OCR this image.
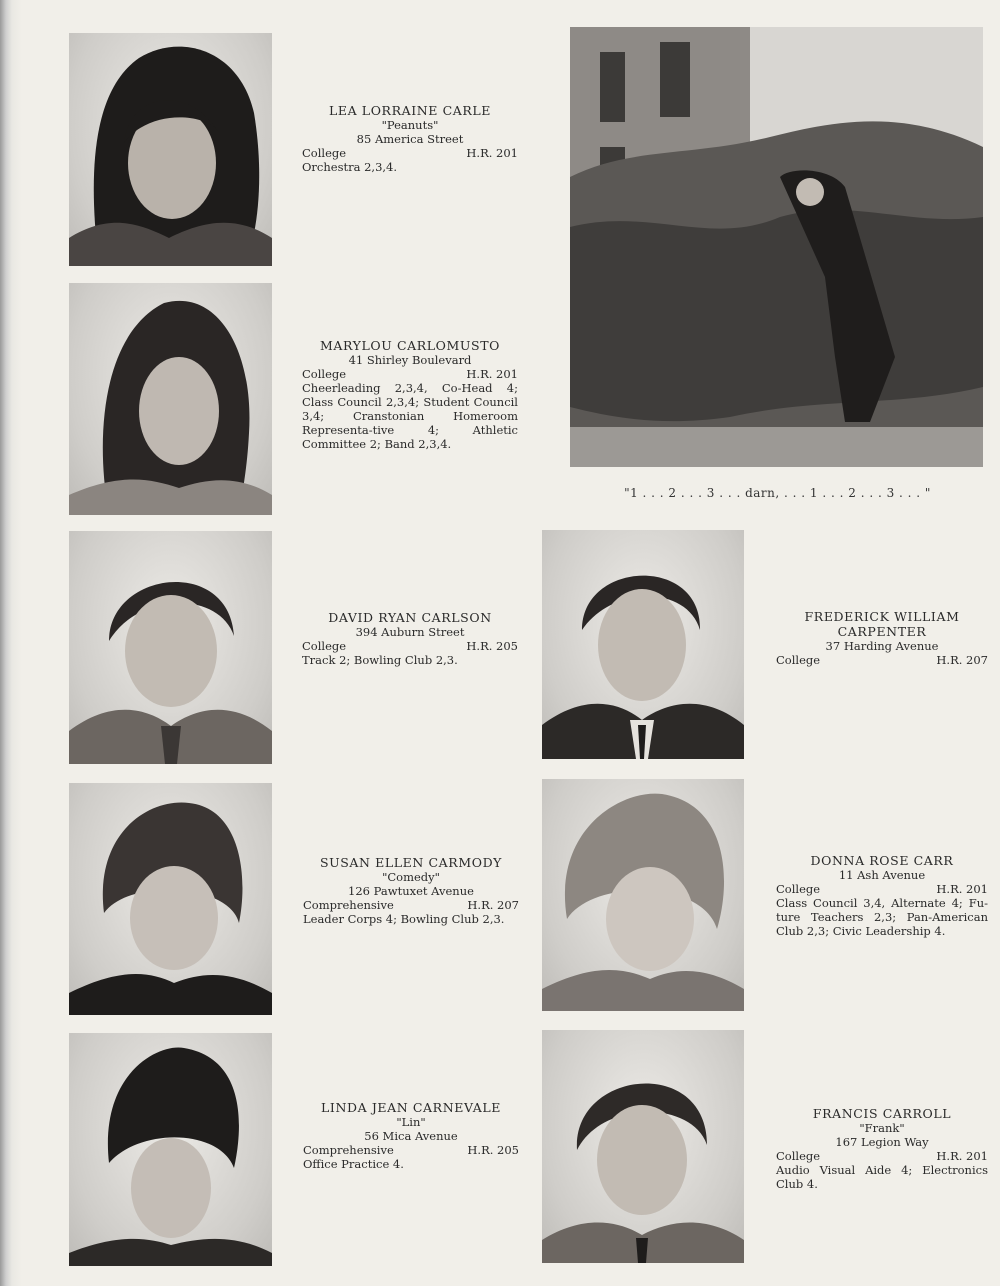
LEA LORRAINE CARLE
"Peanuts"
85 America Street
College	H.R. 201
Orchestra 2,3,4.
MARYLOU CARLOMUSTO
41 Shirley Boulevard
College	H.R. 201
Cheerleading 2,3,4, Co-Head 4; Class Council 2,3,4; Student Council 3,4; Cranstonian Homeroom Representa-tive 4; Athletic Committee 2; Band 2,3,4.
DAVID RYAN CARLSON
394 Auburn Street
College	H.R. 205
Track 2; Bowling Club 2,3.
FREDERICK WILLIAM
CARPENTER
37 Harding Avenue
College	H.R. 207
SUSAN ELLEN CARMODY
"Comedy"
126 Pawtuxet Avenue
Comprehensive	H.R. 207
Leader Corps 4; Bowling Club 2,3.
DONNA ROSE CARR
11 Ash Avenue
College	H.R. 201
Class Council 3,4, Alternate 4; Fu-ture Teachers 2,3; Pan-American Club 2,3; Civic Leadership 4.
LINDA JEAN CARNEVALE
"Lin"
56 Mica Avenue
Comprehensive	H.R. 205
Office Practice 4.
FRANCIS CARROLL
"Frank"
167 Legion Way
College	H.R. 201
Audio Visual Aide 4; Electronics Club 4.
"1 . . . 2 . . . 3 . . . darn, . . . 1 . . . 2 . . . 3 . . . "
